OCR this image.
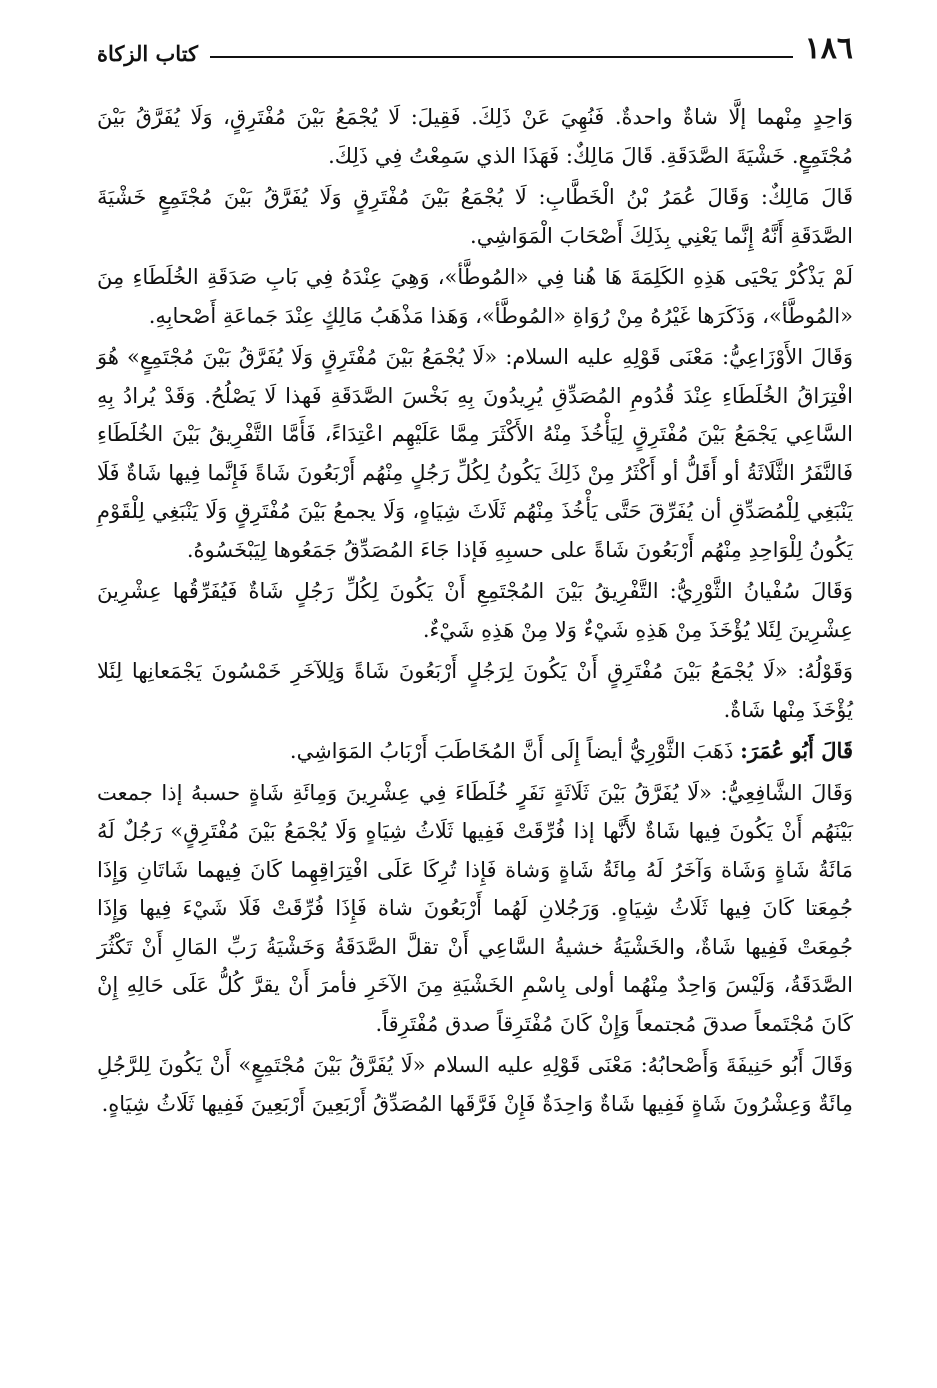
١٨٦
كتاب الزكاة

وَاحِدٍ مِنْهما إلَّا شاةٌ واحدةٌ. فَنُهِيَ عَنْ ذَلِكَ. فَقِيلَ: لَا يُجْمَعُ بَيْنَ مُفْتَرِقٍ، وَلَا يُفَرَّقُ بَيْنَ مُجْتَمِعٍ. خَشْيَةَ الصَّدَقَةِ. قَالَ مَالِكٌ: فَهَذَا الذي سَمِعْتُ فِي ذَلِكَ.

قَالَ مَالِكٌ: وَقَالَ عُمَرُ بْنُ الْخَطَّابِ: لَا يُجْمَعُ بَيْنَ مُفْتَرِقٍ وَلَا يُفَرَّقُ بَيْنَ مُجْتَمِعٍ خَشْيَةَ الصَّدَقَةِ أَنَّهُ إِنَّما يَعْنِي بِذَلِكَ أَصْحَابَ الْمَوَاشِي.

لَمْ يَذْكُرْ يَحْيَى هَذِهِ الكَلِمَةَ هَا هُنا فِي «المُوطَّأ»، وَهِيَ عِنْدَهُ فِي بَابِ صَدَقَةِ الخُلَطَاءِ مِنَ «المُوطَّأ»، وَذَكَرَها غَيْرُهُ مِنْ رُوَاةِ «المُوطَّأ»، وَهَذا مَذْهَبُ مَالِكٍ عِنْدَ جَماعَةِ أَصْحابِهِ.

وَقَالَ الأَوْزَاعِيُّ: مَعْنَى قَوْلِهِ عليه السلام: «لَا يُجْمَعُ بَيْنَ مُفْتَرِقٍ وَلَا يُفَرَّقُ بَيْنَ مُجْتَمِعٍ» هُوَ افْتِرَاقُ الخُلَطَاءِ عِنْدَ قُدُومِ المُصَدِّقِ يُرِيدُونَ بِهِ بَخْسَ الصَّدَقَةِ فَهذا لَا يَصْلُحُ. وَقَدْ يُرادُ بِهِ السَّاعِي يَجْمَعُ بَيْنَ مُفْتَرِقٍ لِيَأْخُذَ مِنْهُ الأَكْثَرَ مِمَّا عَلَيْهِم اعْتِدَاءً، فَأَمَّا التَّفْرِيقُ بَيْنَ الخُلَطَاءِ فَالنَّفَرُ الثَّلَاثَةُ أو أَقَلُّ أو أَكْثَرُ مِنْ ذَلِكَ يَكُونُ لِكُلِّ رَجُلٍ مِنْهُم أَرْبَعُونَ شَاةً فَإِنَّما فِيها شَاةٌ فَلَا يَنْبَغِي لِلْمُصَدِّقِ أن يُفَرِّقَ حَتَّى يَأْخُذَ مِنْهُم ثَلَاثَ شِيَاهٍ، وَلَا يجمعُ بَيْنَ مُفْتَرِقٍ وَلَا يَنْبَغِي لِلْقَوْمِ يَكُونُ لِلْوَاحِدِ مِنْهُم أَرْبَعُونَ شَاةً على حسبِهِ فَإذا جَاءَ المُصَدِّقُ جَمَعُوها لِيَبْخَسُوهُ.

وَقَالَ سُفْيانُ الثَّوْرِيُّ: التَّفْرِيقُ بَيْنَ المُجْتَمِعِ أَنْ يَكُونَ لِكُلِّ رَجُلٍ شَاةٌ فَيُفَرِّقُها عِشْرِينَ عِشْرِينَ لِئَلا يُؤْخَذَ مِنْ هَذِهِ شَيْءٌ وَلا مِنْ هَذِهِ شَيْءٌ.

وَقَوْلُهُ: «لَا يُجْمَعُ بَيْنَ مُفْتَرِقٍ أَنْ يَكُونَ لِرَجُلٍ أَرْبَعُونَ شَاةً وَلِلآخَرِ خَمْسُونَ يَجْمَعانِها لِئَلا يُؤْخَذَ مِنْها شَاةٌ.

قَالَ أَبُو عُمَرَ: ذَهَبَ الثَّوْرِيُّ أيضاً إِلَى أَنَّ المُخَاطَبَ أَرْبَابُ المَوَاشِي.

وَقَالَ الشَّافِعِيُّ: «لَا يُفَرَّقُ بَيْنَ ثَلَاثَةٍ نَفَرٍ خُلَطَاءَ فِي عِشْرِينَ وَمِائَةِ شَاةٍ حسبهُ إذا جمعت بَيْنَهُم أَنْ يَكُونَ فِيها شَاةٌ لأَنَّها إذا فُرِّقَتْ فَفِيها ثَلَاثُ شِيَاهٍ وَلَا يُجْمَعُ بَيْنَ مُفْتَرِقٍ» رَجُلٌ لَهُ مَائَةُ شَاةٍ وَشَاة وَآخَرُ لَهُ مِائَةُ شَاةٍ وَشاة فَإِذا تُرِكَا عَلَى افْتِرَاقِهِما كَانَ فِيهما شَاتَانِ وَإِذَا جُمِعَتا كَانَ فِيها ثَلَاثُ شِيَاهٍ. وَرَجُلانِ لَهُما أَرْبَعُونَ شاة فَإِذَا فُرِّقَتْ فَلَا شَيْءَ فِيها وَإِذَا جُمِعَتْ فَفِيها شَاةٌ، والخَشْيَةُ خشيةُ السَّاعِي أَنْ تقلَّ الصَّدَقَةُ وَخَشْيَةُ رَبِّ المَالِ أَنْ تَكْثُرَ الصَّدَقَةُ، وَلَيْسَ وَاحِدٌ مِنْهُما أولى بِاسْمِ الخَشْيَةِ مِنَ الآخَرِ فأمرَ أَنْ يقرَّ كُلُّ عَلَى حَالِهِ إِنْ كَانَ مُجْتَمعاً صدقَ مُجتمعاً وَإِنْ كَانَ مُفْتَرِقاً صدق مُفْتَرِقاً.

وَقَالَ أَبُو حَنِيفَةَ وَأَصْحابُهُ: مَعْنَى قَوْلِهِ عليه السلام «لَا يُفَرَّقُ بَيْنَ مُجْتَمِعٍ» أَنْ يَكُونَ لِلرَّجُلِ مِائَةٌ وَعِشْرُونَ شَاةٍ فَفِيها شَاةٌ وَاحِدَةٌ فَإِنْ فَرَّقَها المُصَدِّقُ أَرْبَعِينَ أَرْبَعِينَ فَفِيها ثَلَاثُ شِيَاهٍ.
